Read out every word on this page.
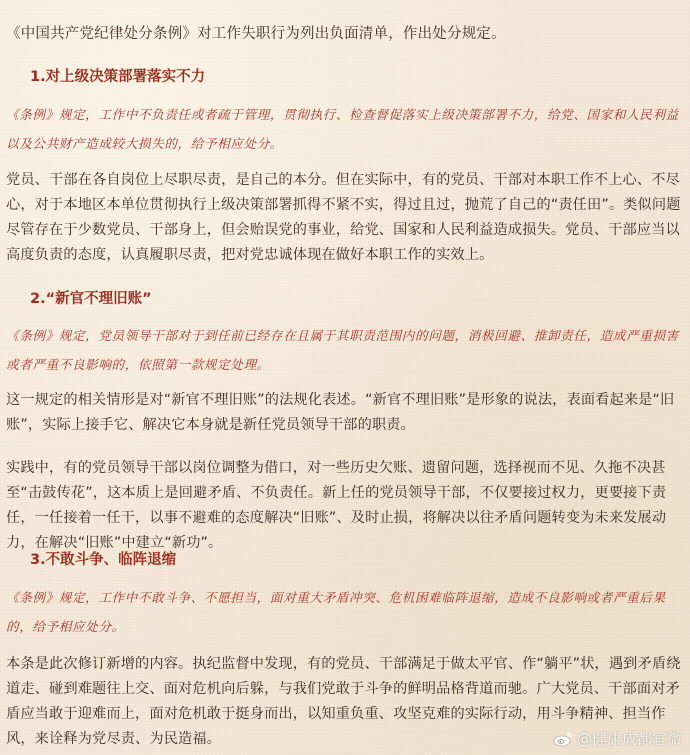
《中国共产党纪律处分条例》对工作失职行为列出负面清单，作出处分规定。

1.对上级决策部署落实不力

《条例》规定，工作中不负责任或者疏于管理，贯彻执行、检查督促落实上级决策部署不力，给党、国家和人民利益以及公共财产造成较大损失的，给予相应处分。

党员、干部在各自岗位上尽职尽责，是自己的本分。但在实际中，有的党员、干部对本职工作不上心、不尽心，对于本地区本单位贯彻执行上级决策部署抓得不紧不实，得过且过，抛荒了自己的“责任田”。类似问题尽管存在于少数党员、干部身上，但会贻误党的事业，给党、国家和人民利益造成损失。党员、干部应当以高度负责的态度，认真履职尽责，把对党忠诚体现在做好本职工作的实效上。

2.“新官不理旧账”

《条例》规定，党员领导干部对于到任前已经存在且属于其职责范围内的问题，消极回避、推卸责任，造成严重损害或者严重不良影响的，依照第一款规定处理。

这一规定的相关情形是对“新官不理旧账”的法规化表述。“新官不理旧账”是形象的说法，表面看起来是“旧账”，实际上接手它、解决它本身就是新任党员领导干部的职责。

实践中，有的党员领导干部以岗位调整为借口，对一些历史欠账、遗留问题，选择视而不见、久拖不决甚至“击鼓传花”，这本质上是回避矛盾、不负责任。新上任的党员领导干部，不仅要接过权力，更要接下责任，一任接着一任干，以事不避难的态度解决“旧账”、及时止损，将解决以往矛盾问题转变为未来发展动力，在解决“旧账”中建立“新功”。

3.不敢斗争、临阵退缩

《条例》规定，工作中不敢斗争、不愿担当，面对重大矛盾冲突、危机困难临阵退缩，造成不良影响或者严重后果的，给予相应处分。

本条是此次修订新增的内容。执纪监督中发现，有的党员、干部满足于做太平官、作“躺平”状，遇到矛盾绕道走、碰到难题往上交、面对危机向后躲，与我们党敢于斗争的鲜明品格背道而驰。广大党员、干部面对矛盾应当敢于迎难而上，面对危机敢于挺身而出，以知重负重、攻坚克难的实际行动，用斗争精神、担当作风，来诠释为党尽责、为民造福。	@健康成都官微
